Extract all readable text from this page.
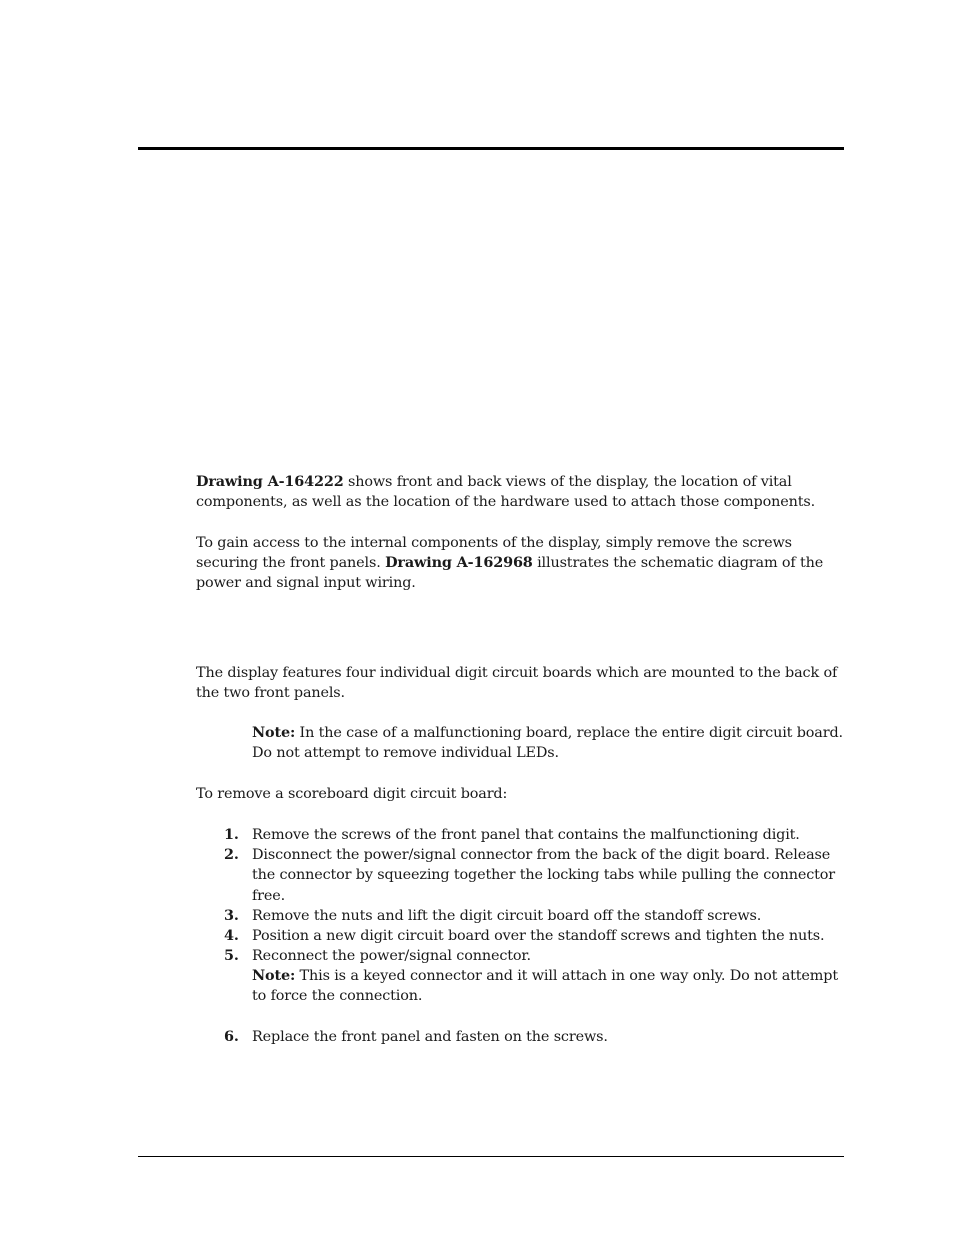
Drawing A-164222 shows front and back views of the display, the location of vital components, as well as the location of the hardware used to attach those components.

To gain access to the internal components of the display, simply remove the screws securing the front panels. Drawing A-162968 illustrates the schematic diagram of the power and signal input wiring.

The display features four individual digit circuit boards which are mounted to the back of the two front panels.

Note: In the case of a malfunctioning board, replace the entire digit circuit board. Do not attempt to remove individual LEDs.

To remove a scoreboard digit circuit board:

1. Remove the screws of the front panel that contains the malfunctioning digit.
2. Disconnect the power/signal connector from the back of the digit board. Release the connector by squeezing together the locking tabs while pulling the connector free.
3. Remove the nuts and lift the digit circuit board off the standoff screws.
4. Position a new digit circuit board over the standoff screws and tighten the nuts.
5. Reconnect the power/signal connector.

Note: This is a keyed connector and it will attach in one way only. Do not attempt to force the connection.

6. Replace the front panel and fasten on the screws.
